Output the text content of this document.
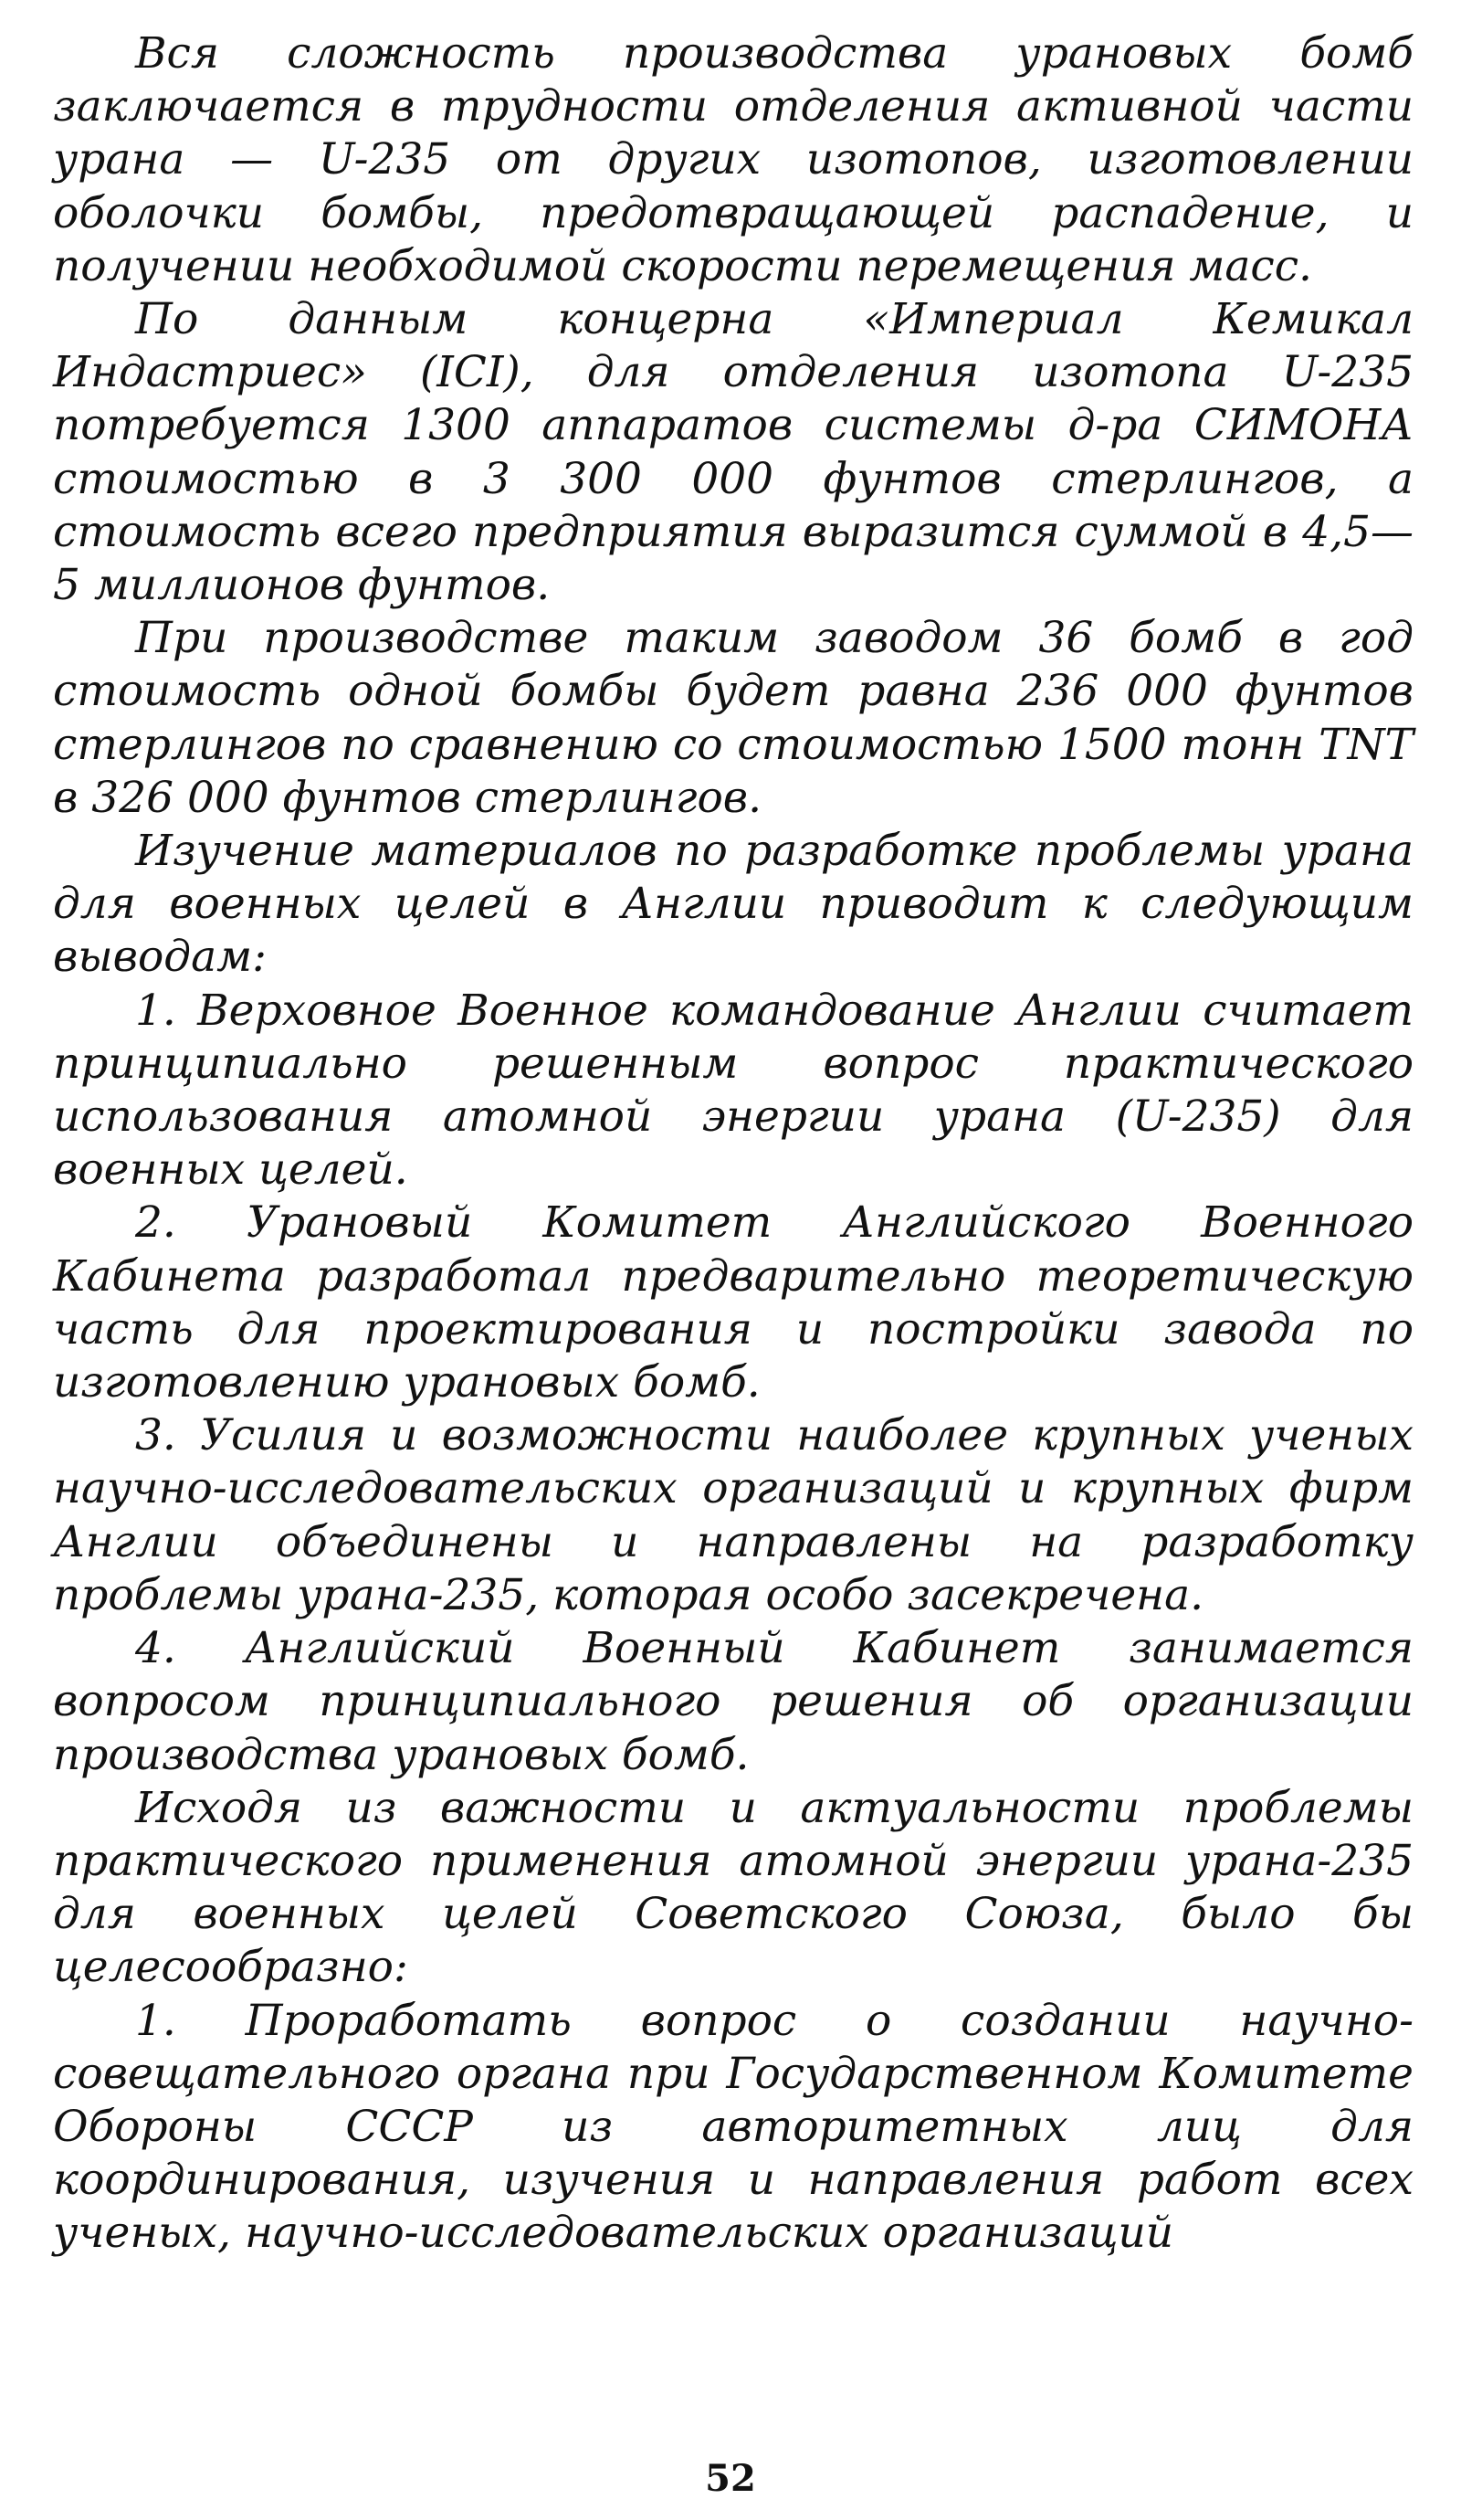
Вся сложность производства урановых бомб заключается в трудности отделения активной части урана — U-235 от других изотопов, изготовлении оболочки бомбы, предотвращающей распадение, и получении необходимой скорости перемещения масс.

По данным концерна «Империал Кемикал Индастриес» (ICI), для отделения изотопа U-235 потребуется 1300 аппаратов системы д-ра СИМОНА стоимостью в 3 300 000 фунтов стерлингов, а стоимость всего предприятия выразится суммой в 4,5—5 миллионов фунтов.

При производстве таким заводом 36 бомб в год стоимость одной бомбы будет равна 236 000 фунтов стерлингов по сравнению со стоимостью 1500 тонн TNT в 326 000 фунтов стерлингов.

Изучение материалов по разработке проблемы урана для военных целей в Англии приводит к следующим выводам:

1. Верховное Военное командование Англии считает принципиально решенным вопрос практического использования атомной энергии урана (U-235) для военных целей.

2. Урановый Комитет Английского Военного Кабинета разработал предварительно теоретическую часть для проектирования и постройки завода по изготовлению урановых бомб.

3. Усилия и возможности наиболее крупных ученых научно-исследовательских организаций и крупных фирм Англии объединены и направлены на разработку проблемы урана-235, которая особо засекречена.

4. Английский Военный Кабинет занимается вопросом принципиального решения об организации производства урановых бомб.

Исходя из важности и актуальности проблемы практического применения атомной энергии урана-235 для военных целей Советского Союза, было бы целесообразно:

1. Проработать вопрос о создании научно-совещательного органа при Государственном Комитете Обороны СССР из авторитетных лиц для координирования, изучения и направления работ всех ученых, научно-исследовательских организаций

52
